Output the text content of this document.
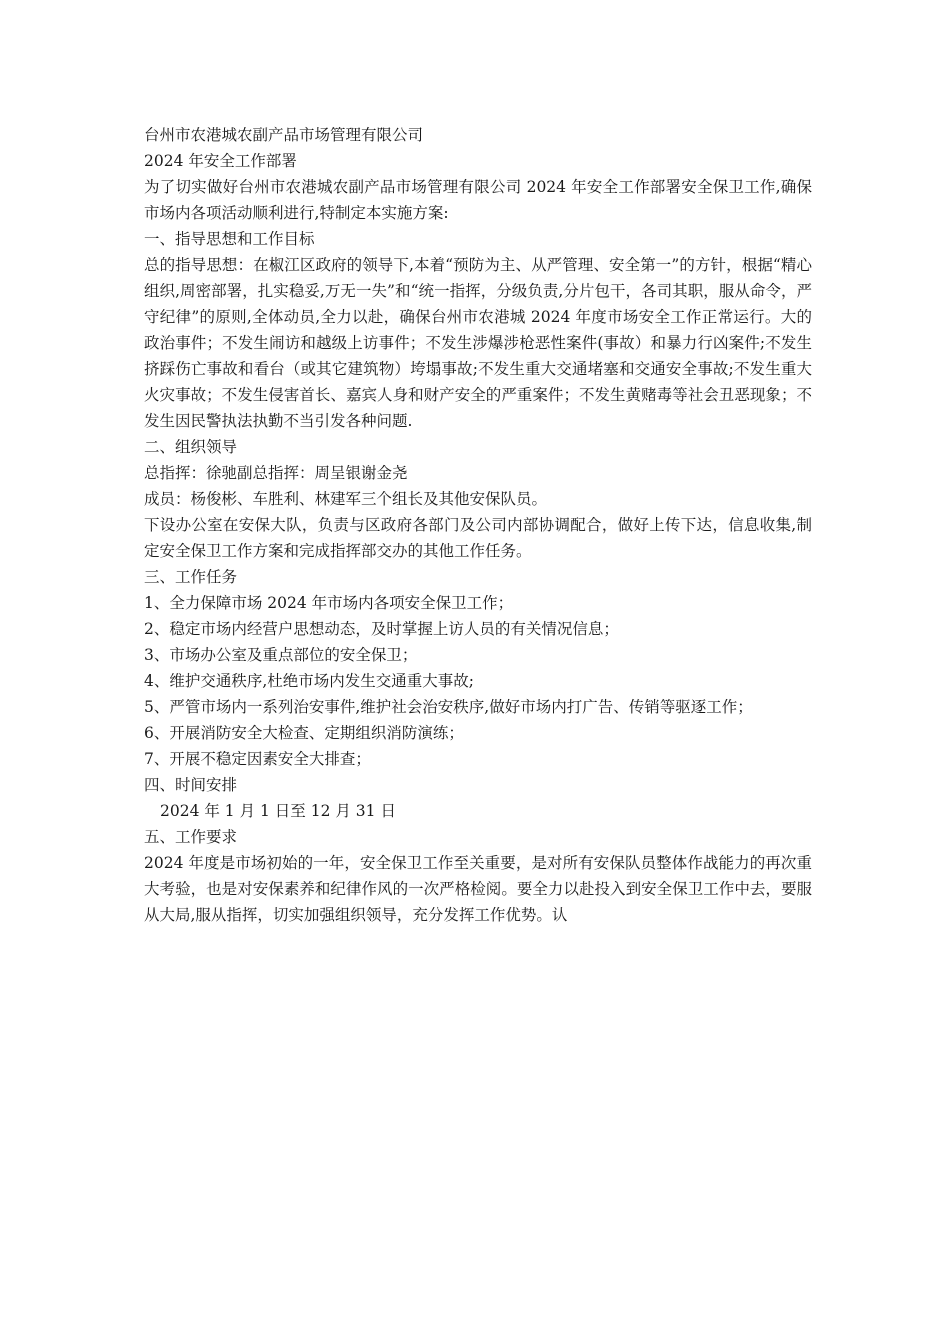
台州市农港城农副产品市场管理有限公司

2024 年安全工作部署

为了切实做好台州市农港城农副产品市场管理有限公司 2024 年安全工作部署安全保卫工作,确保市场内各项活动顺利进行,特制定本实施方案:

一、指导思想和工作目标

总的指导思想：在椒江区政府的领导下,本着“预防为主、从严管理、安全第一”的方针，根据“精心组织,周密部署，扎实稳妥,万无一失”和“统一指挥，分级负责,分片包干，各司其职，服从命令，严守纪律”的原则,全体动员,全力以赴，确保台州市农港城 2024 年度市场安全工作正常运行。大的政治事件；不发生闹访和越级上访事件；不发生涉爆涉枪恶性案件(事故）和暴力行凶案件;不发生挤踩伤亡事故和看台（或其它建筑物）垮塌事故;不发生重大交通堵塞和交通安全事故;不发生重大火灾事故；不发生侵害首长、嘉宾人身和财产安全的严重案件；不发生黄赌毒等社会丑恶现象；不发生因民警执法执勤不当引发各种问题.

二、组织领导

总指挥：徐驰副总指挥：周呈银谢金尧

成员：杨俊彬、车胜利、林建军三个组长及其他安保队员。

下设办公室在安保大队，负责与区政府各部门及公司内部协调配合，做好上传下达，信息收集,制定安全保卫工作方案和完成指挥部交办的其他工作任务。

三、工作任务

1、全力保障市场 2024 年市场内各项安全保卫工作；

2、稳定市场内经营户思想动态，及时掌握上访人员的有关情况信息；

3、市场办公室及重点部位的安全保卫；

4、维护交通秩序,杜绝市场内发生交通重大事故;

5、严管市场内一系列治安事件,维护社会治安秩序,做好市场内打广告、传销等驱逐工作；

6、开展消防安全大检查、定期组织消防演练；

7、开展不稳定因素安全大排查；

四、时间安排

2024 年 1 月 1 日至 12 月 31 日

五、工作要求

2024 年度是市场初始的一年，安全保卫工作至关重要，是对所有安保队员整体作战能力的再次重大考验，也是对安保素养和纪律作风的一次严格检阅。要全力以赴投入到安全保卫工作中去，要服从大局,服从指挥，切实加强组织领导，充分发挥工作优势。认
